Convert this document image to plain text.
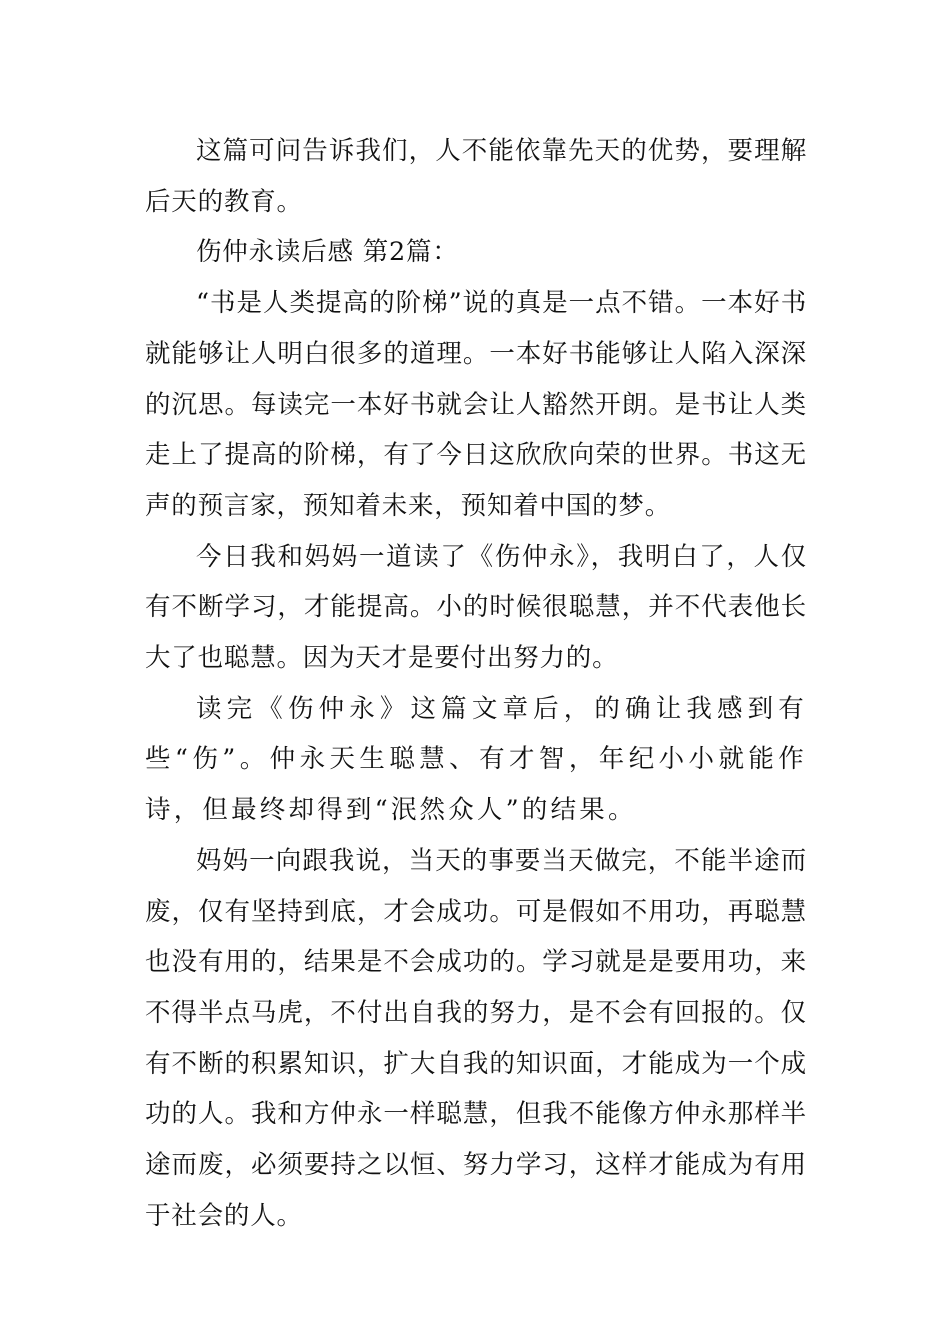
这篇可问告诉我们，人不能依靠先天的优势，要理解后天的教育。

伤仲永读后感 第2篇：

“书是人类提高的阶梯”说的真是一点不错。一本好书就能够让人明白很多的道理。一本好书能够让人陷入深深的沉思。每读完一本好书就会让人豁然开朗。是书让人类走上了提高的阶梯，有了今日这欣欣向荣的世界。书这无声的预言家，预知着未来，预知着中国的梦。

今日我和妈妈一道读了《伤仲永》，我明白了，人仅有不断学习，才能提高。小的时候很聪慧，并不代表他长大了也聪慧。因为天才是要付出努力的。

读完《伤仲永》这篇文章后，的确让我感到有些“伤”。仲永天生聪慧、有才智，年纪小小就能作诗，但最终却得到“泯然众人”的结果。

妈妈一向跟我说，当天的事要当天做完，不能半途而废，仅有坚持到底，才会成功。可是假如不用功，再聪慧也没有用的，结果是不会成功的。学习就是是要用功，来不得半点马虎，不付出自我的努力，是不会有回报的。仅有不断的积累知识，扩大自我的知识面，才能成为一个成功的人。我和方仲永一样聪慧，但我不能像方仲永那样半途而废，必须要持之以恒、努力学习，这样才能成为有用于社会的人。
